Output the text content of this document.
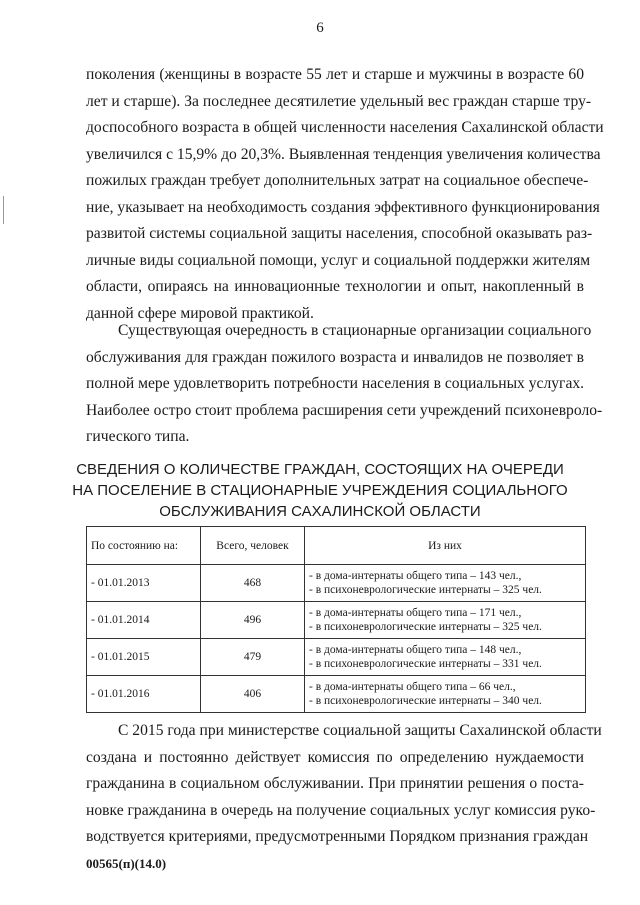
6
поколения (женщины в возрасте 55 лет и старше и мужчины в возрасте 60
лет и старше). За последнее десятилетие удельный вес граждан старше тру-
доспособного возраста в общей численности населения Сахалинской области
увеличился с 15,9% до 20,3%. Выявленная тенденция увеличения количества
пожилых граждан требует дополнительных затрат на социальное обеспече-
ние, указывает на необходимость создания эффективного функционирования
развитой системы социальной защиты населения, способной оказывать раз-
личные виды социальной помощи, услуг и социальной поддержки жителям
области, опираясь на инновационные технологии и опыт, накопленный в
данной сфере мировой практикой.
Существующая очередность в стационарные организации социального
обслуживания для граждан пожилого возраста и инвалидов не позволяет в
полной мере удовлетворить потребности населения в социальных услугах.
Наиболее остро стоит проблема расширения сети учреждений психоневроло-
гического типа.
СВЕДЕНИЯ О КОЛИЧЕСТВЕ ГРАЖДАН, СОСТОЯЩИХ НА ОЧЕРЕДИ
НА ПОСЕЛЕНИЕ В СТАЦИОНАРНЫЕ УЧРЕЖДЕНИЯ СОЦИАЛЬНОГО
ОБСЛУЖИВАНИЯ САХАЛИНСКОЙ ОБЛАСТИ
По состоянию на:	Всего, человек	Из них
- 01.01.2013	468	- в дома-интернаты общего типа – 143 чел.,
- в психоневрологические интернаты – 325 чел.

- 01.01.2014	496	- в дома-интернаты общего типа – 171 чел.,
- в психоневрологические интернаты – 325 чел.

- 01.01.2015	479	- в дома-интернаты общего типа – 148 чел.,
- в психоневрологические интернаты – 331 чел.

- 01.01.2016	406	- в дома-интернаты общего типа – 66 чел.,
- в психоневрологические интернаты – 340 чел.
С 2015 года при министерстве социальной защиты Сахалинской области
создана и постоянно действует комиссия по определению нуждаемости
гражданина в социальном обслуживании. При принятии решения о поста-
новке гражданина в очередь на получение социальных услуг комиссия руко-
водствуется критериями, предусмотренными Порядком признания граждан
00565(п)(14.0)
